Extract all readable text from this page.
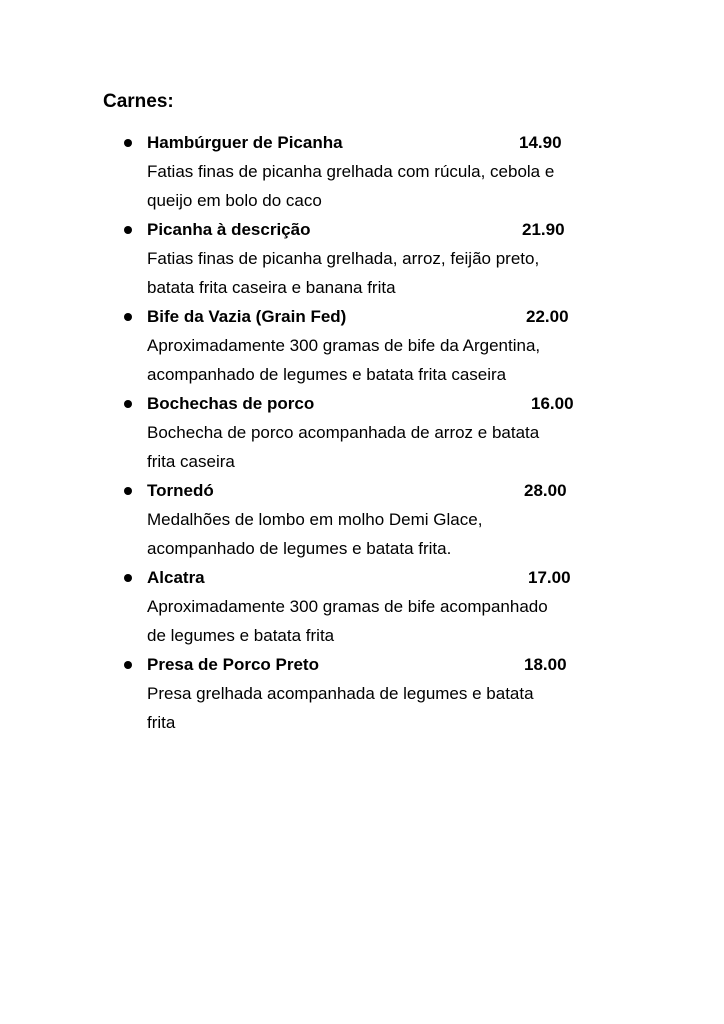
Carnes:
Hambúrguer de Picanha	14.90

Fatias finas de picanha grelhada com rúcula, cebola e
queijo em bolo do caco

Picanha à descrição	21.90

Fatias finas de picanha grelhada, arroz, feijão preto,
batata frita caseira e banana frita

Bife da Vazia (Grain Fed)	22.00

Aproximadamente 300 gramas de bife da Argentina,
acompanhado de legumes e batata frita caseira

Bochechas de porco	16.00

Bochecha de porco acompanhada de arroz e batata
frita caseira

Tornedó	28.00

Medalhões de lombo em molho Demi Glace,
acompanhado de legumes e batata frita.

Alcatra	17.00

Aproximadamente 300 gramas de bife acompanhado
de legumes e batata frita

Presa de Porco Preto	18.00

Presa grelhada acompanhada de legumes e batata
frita
